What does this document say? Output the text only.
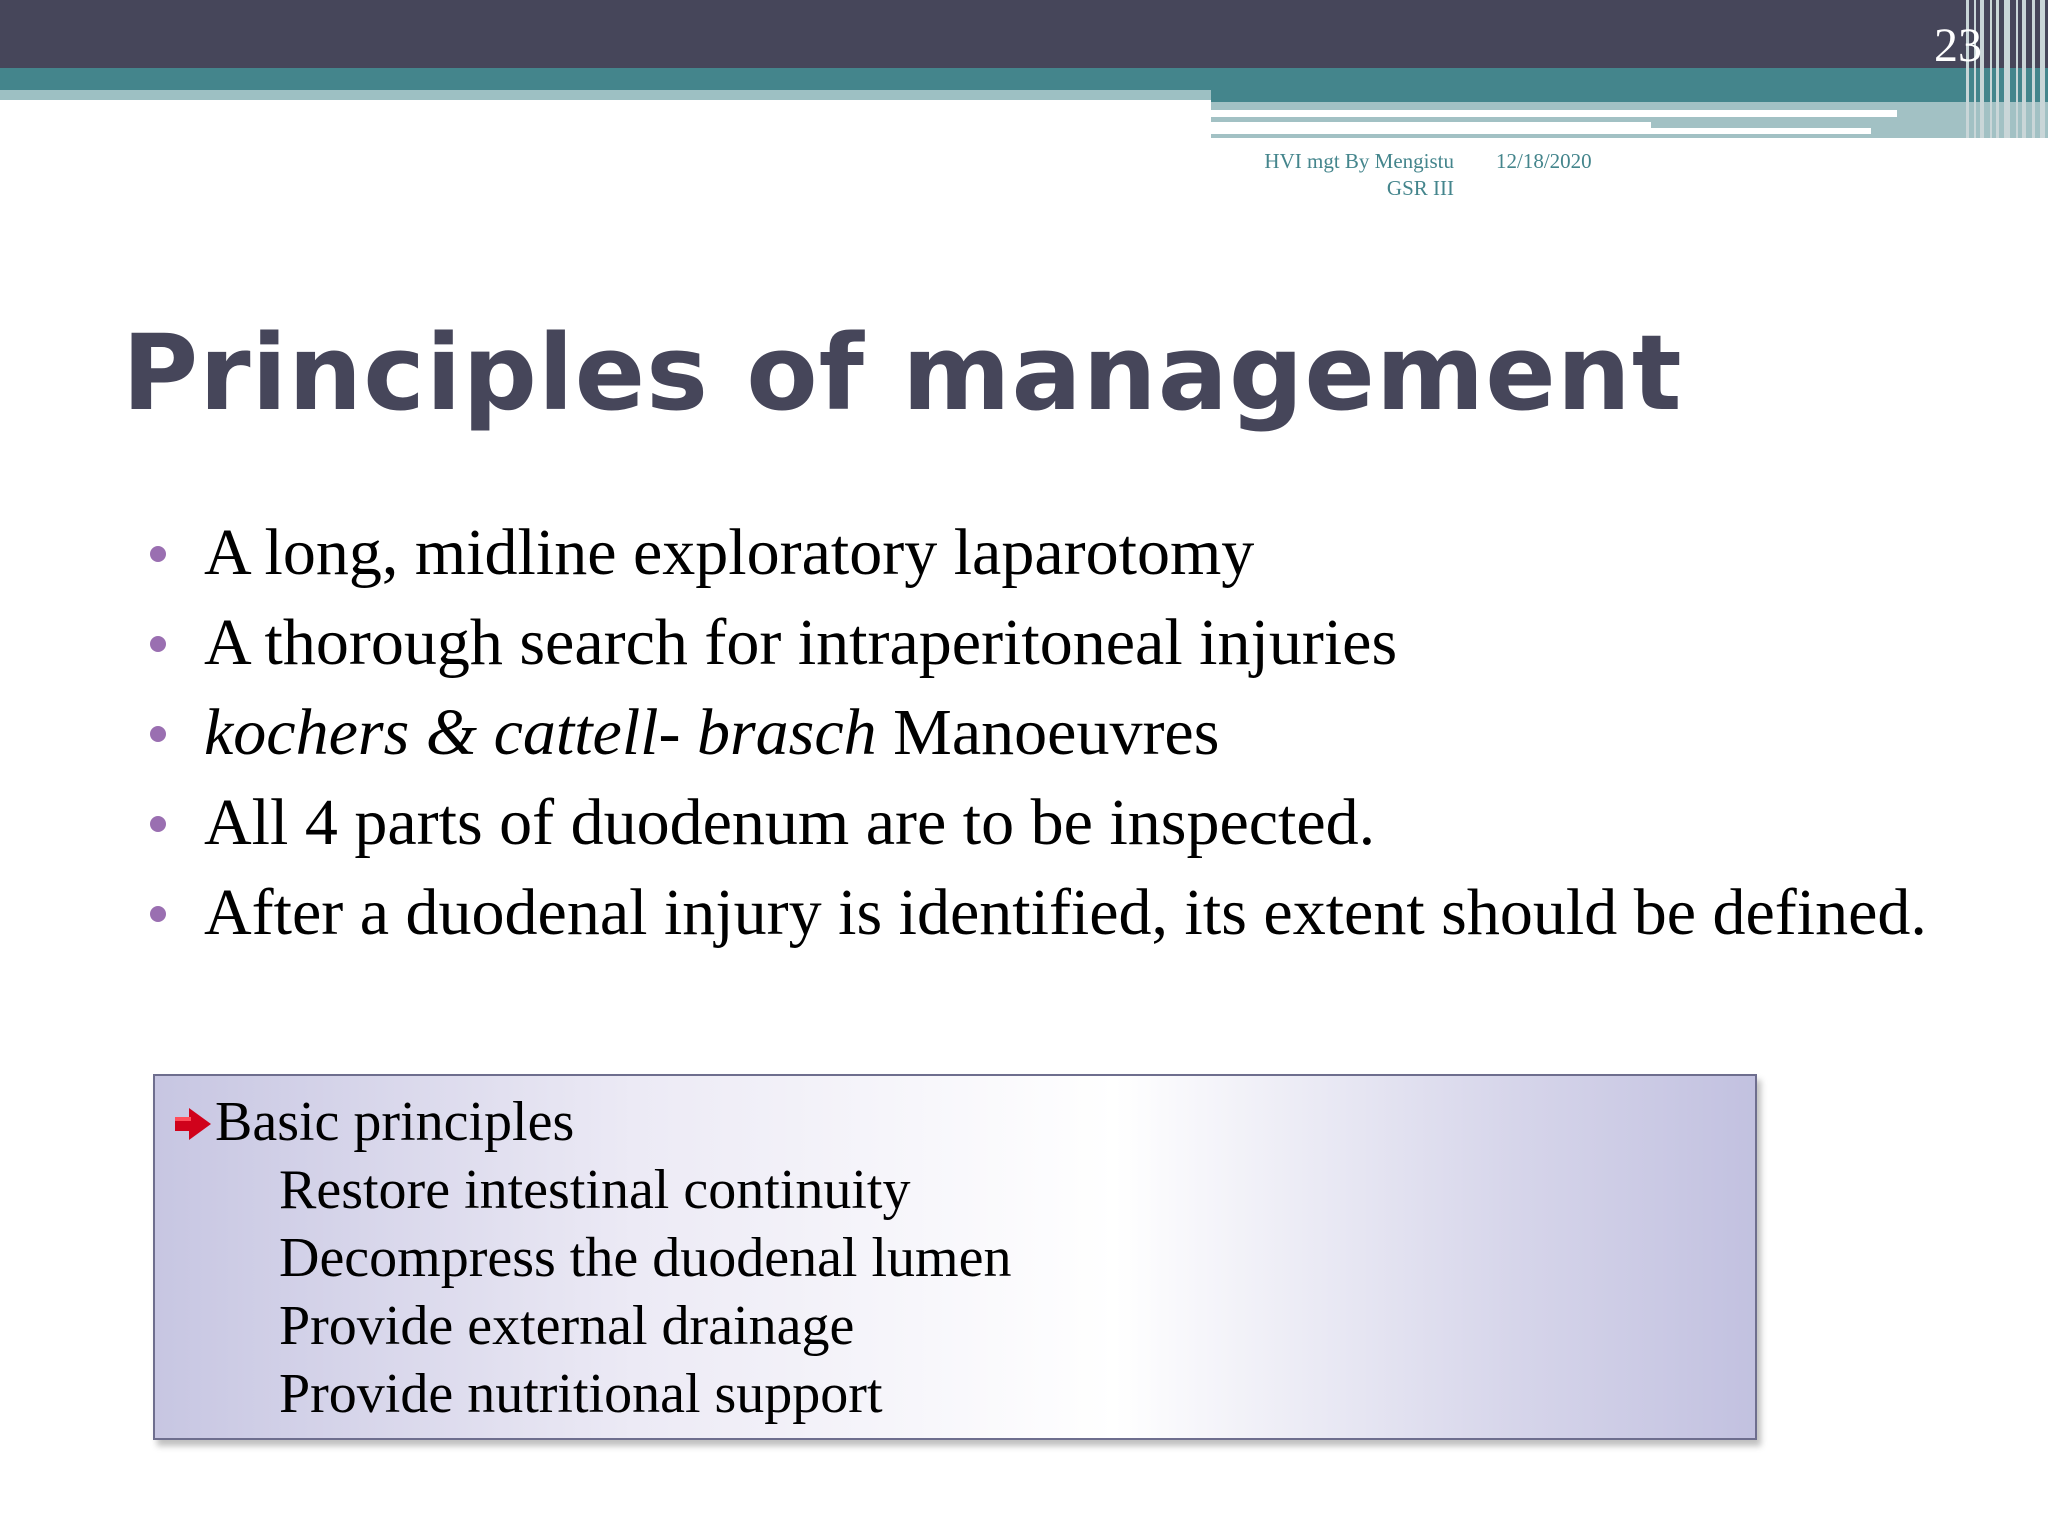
23
HVI mgt By Mengistu
GSR III
12/18/2020
Principles of management
A long, midline exploratory laparotomy
A thorough search for intraperitoneal injuries
kochers & cattell- brasch Manoeuvres
All 4 parts of duodenum are to be inspected.
After a duodenal injury is identified, its extent should be defined.
Basic principles
Restore intestinal continuity
Decompress the duodenal lumen
Provide external drainage
Provide nutritional support
